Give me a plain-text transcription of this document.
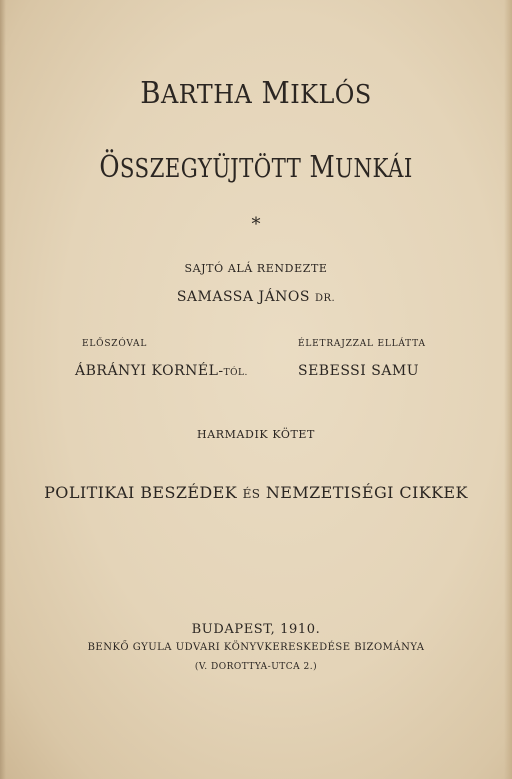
BARTHA MIKLÓS
ÖSSZEGYÜJTÖTT MUNKÁI
*
SAJTÓ ALÁ RENDEZTE
SAMASSA JÁNOS DR.
ELŐSZÓVAL	ÉLETRAJZZAL ELLÁTTA
ÁBRÁNYI KORNÉL-TÓL.	SEBESSI SAMU
HARMADIK KÖTET
POLITIKAI BESZÉDEK ÉS NEMZETISÉGI CIKKEK
BUDAPEST, 1910.
BENKŐ GYULA UDVARI KÖNYVKERESKEDÉSE BIZOMÁNYA
(V. DOROTTYA-UTCA 2.)
